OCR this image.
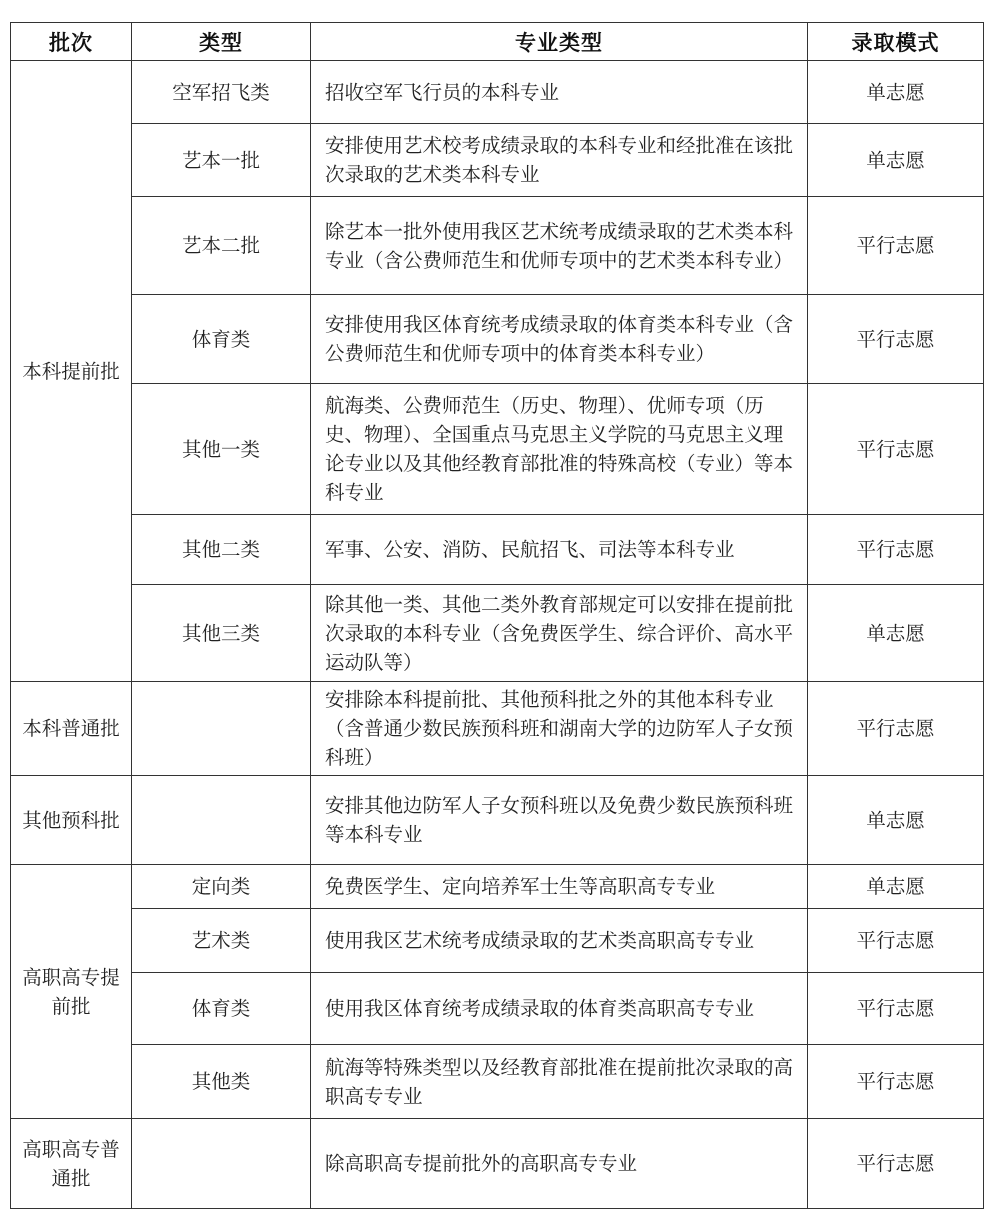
批次	类型	专业类型	录取模式
本科提前批	空军招飞类	招收空军飞行员的本科专业	单志愿
	艺本一批	安排使用艺术校考成绩录取的本科专业和经批准在该批次录取的艺术类本科专业	单志愿
	艺本二批	除艺本一批外使用我区艺术统考成绩录取的艺术类本科专业（含公费师范生和优师专项中的艺术类本科专业）	平行志愿
	体育类	安排使用我区体育统考成绩录取的体育类本科专业（含公费师范生和优师专项中的体育类本科专业）	平行志愿
	其他一类	航海类、公费师范生（历史、物理）、优师专项（历史、物理）、全国重点马克思主义学院的马克思主义理论专业以及其他经教育部批准的特殊高校（专业）等本科专业	平行志愿
	其他二类	军事、公安、消防、民航招飞、司法等本科专业	平行志愿
	其他三类	除其他一类、其他二类外教育部规定可以安排在提前批次录取的本科专业（含免费医学生、综合评价、高水平运动队等）	单志愿
本科普通批		安排除本科提前批、其他预科批之外的其他本科专业（含普通少数民族预科班和湖南大学的边防军人子女预科班）	平行志愿
其他预科批		安排其他边防军人子女预科班以及免费少数民族预科班等本科专业	单志愿
高职高专提前批	定向类	免费医学生、定向培养军士生等高职高专专业	单志愿
	艺术类	使用我区艺术统考成绩录取的艺术类高职高专专业	平行志愿
	体育类	使用我区体育统考成绩录取的体育类高职高专专业	平行志愿
	其他类	航海等特殊类型以及经教育部批准在提前批次录取的高职高专专业	平行志愿
高职高专普通批		除高职高专提前批外的高职高专专业	平行志愿
